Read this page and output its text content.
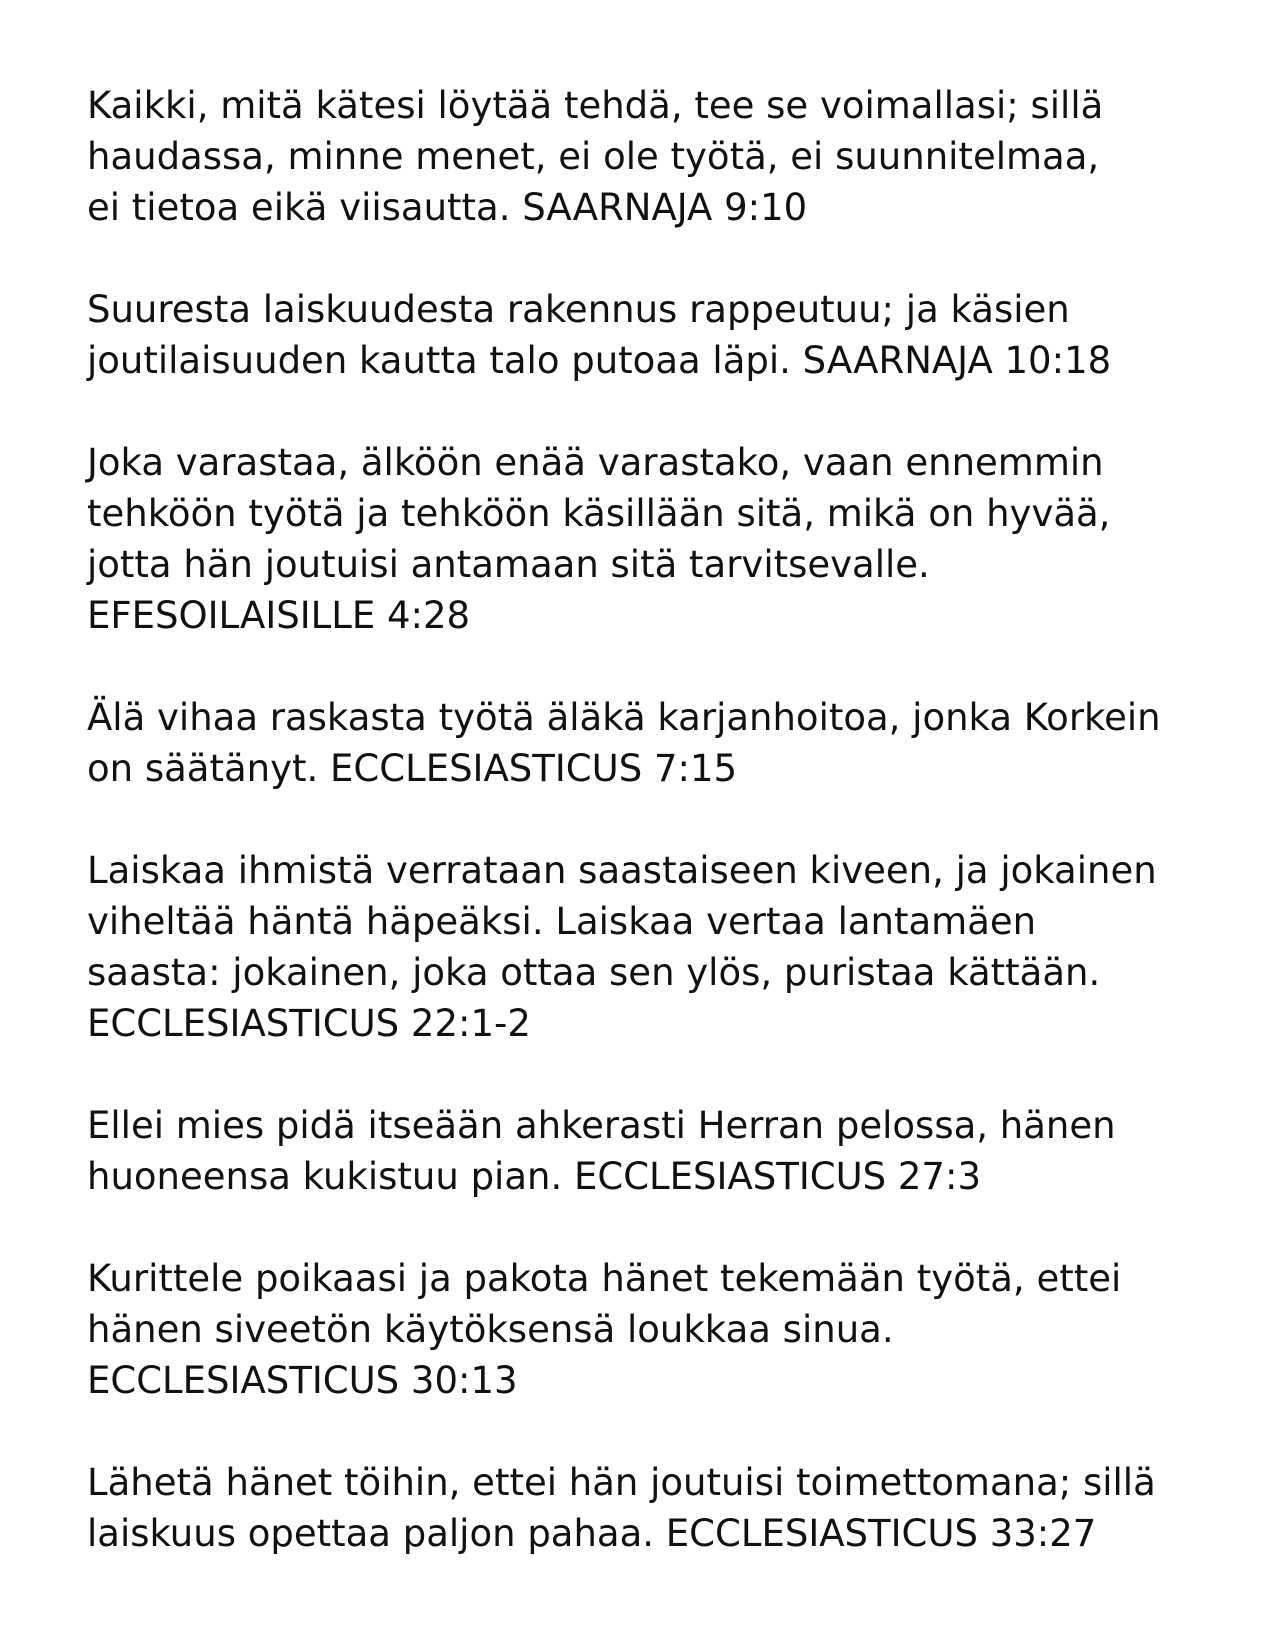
Kaikki, mitä kätesi löytää tehdä, tee se voimallasi; sillä
haudassa, minne menet, ei ole työtä, ei suunnitelmaa,
ei tietoa eikä viisautta. SAARNAJA 9:10

Suuresta laiskuudesta rakennus rappeutuu; ja käsien
joutilaisuuden kautta talo putoaa läpi. SAARNAJA 10:18

Joka varastaa, älköön enää varastako, vaan ennemmin
tehköön työtä ja tehköön käsillään sitä, mikä on hyvää,
jotta hän joutuisi antamaan sitä tarvitsevalle.
EFESOILAISILLE 4:28

Älä vihaa raskasta työtä äläkä karjanhoitoa, jonka Korkein
on säätänyt. ECCLESIASTICUS 7:15

Laiskaa ihmistä verrataan saastaiseen kiveen, ja jokainen
viheltää häntä häpeäksi. Laiskaa vertaa lantamäen
saasta: jokainen, joka ottaa sen ylös, puristaa kättään.
ECCLESIASTICUS 22:1-2

Ellei mies pidä itseään ahkerasti Herran pelossa, hänen
huoneensa kukistuu pian. ECCLESIASTICUS 27:3

Kurittele poikaasi ja pakota hänet tekemään työtä, ettei
hänen siveetön käytöksensä loukkaa sinua.
ECCLESIASTICUS 30:13

Lähetä hänet töihin, ettei hän joutuisi toimettomana; sillä
laiskuus opettaa paljon pahaa. ECCLESIASTICUS 33:27
